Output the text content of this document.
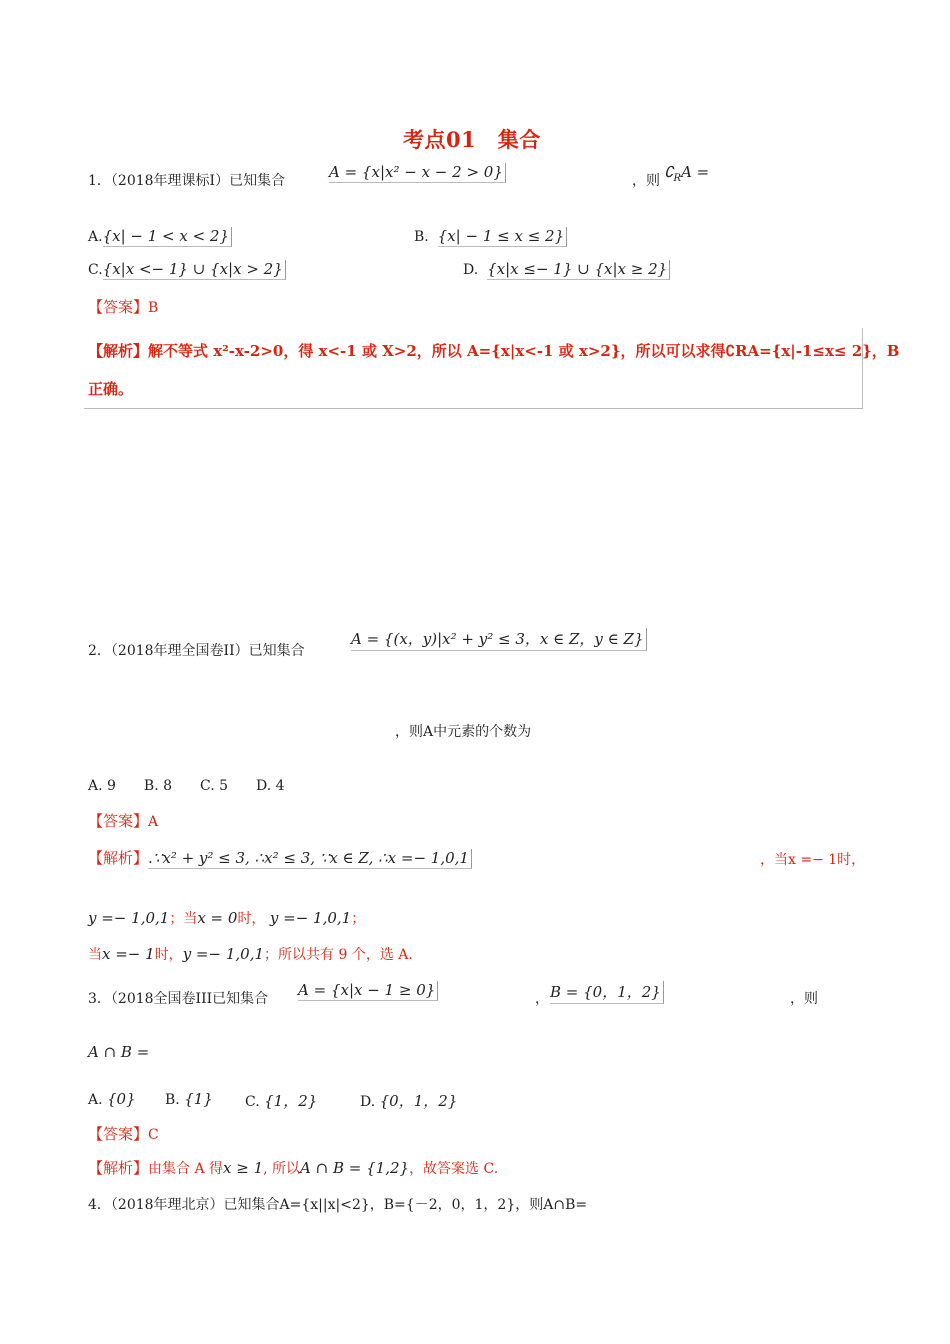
考点01　集合
1．（2018年理课标Ⅰ）已知集合	A = {x|x² − x − 2 > 0}	，则 $∁_RA$ =
A.{x| − 1 < x < 2}	B. {x| − 1 ≤ x ≤ 2}
C.{x|x <− 1} ∪ {x|x > 2}	D. {x|x ≤− 1} ∪ {x|x ≥ 2}
【答案】B
【解析】解不等式 x²-x-2>0，得 x<-1 或 X>2，所以 A={x|x<-1 或 x>2}，所以可以求得∁RA={x|-1≤x≤ 2}，B
正确。
2．（2018年理全国卷II）已知集合
A = {(x，y)|x² + y² ≤ 3，x ∈ Z，y ∈ Z}
，则A中元素的个数为
A. 9　　B. 8　　C. 5　　D. 4
【答案】A
【解析】.∵x² + y² ≤ 3, ∴x² ≤ 3, ∵x ∈ Z, ∴x =− 1,0,1	，当x =− 1时，
y =− 1,0,1；当x = 0时， y =− 1,0,1；
当x =− 1时，y =− 1,0,1；所以共有 9 个，选 A.
3．（2018全国卷III已知集合 A = {x|x − 1 ≥ 0}	， B = {0，1，2}	，则
A ∩ B =
A. {0} B. {1} C. {1，2}	D. {0，1，2}
【答案】C
【解析】由集合 A 得x ≥ 1, 所以A ∩ B = {1,2}，故答案选 C.
4．（2018年理北京）已知集合A={x||x|<2}，B={－2，0，1，2}，则A∩B=
